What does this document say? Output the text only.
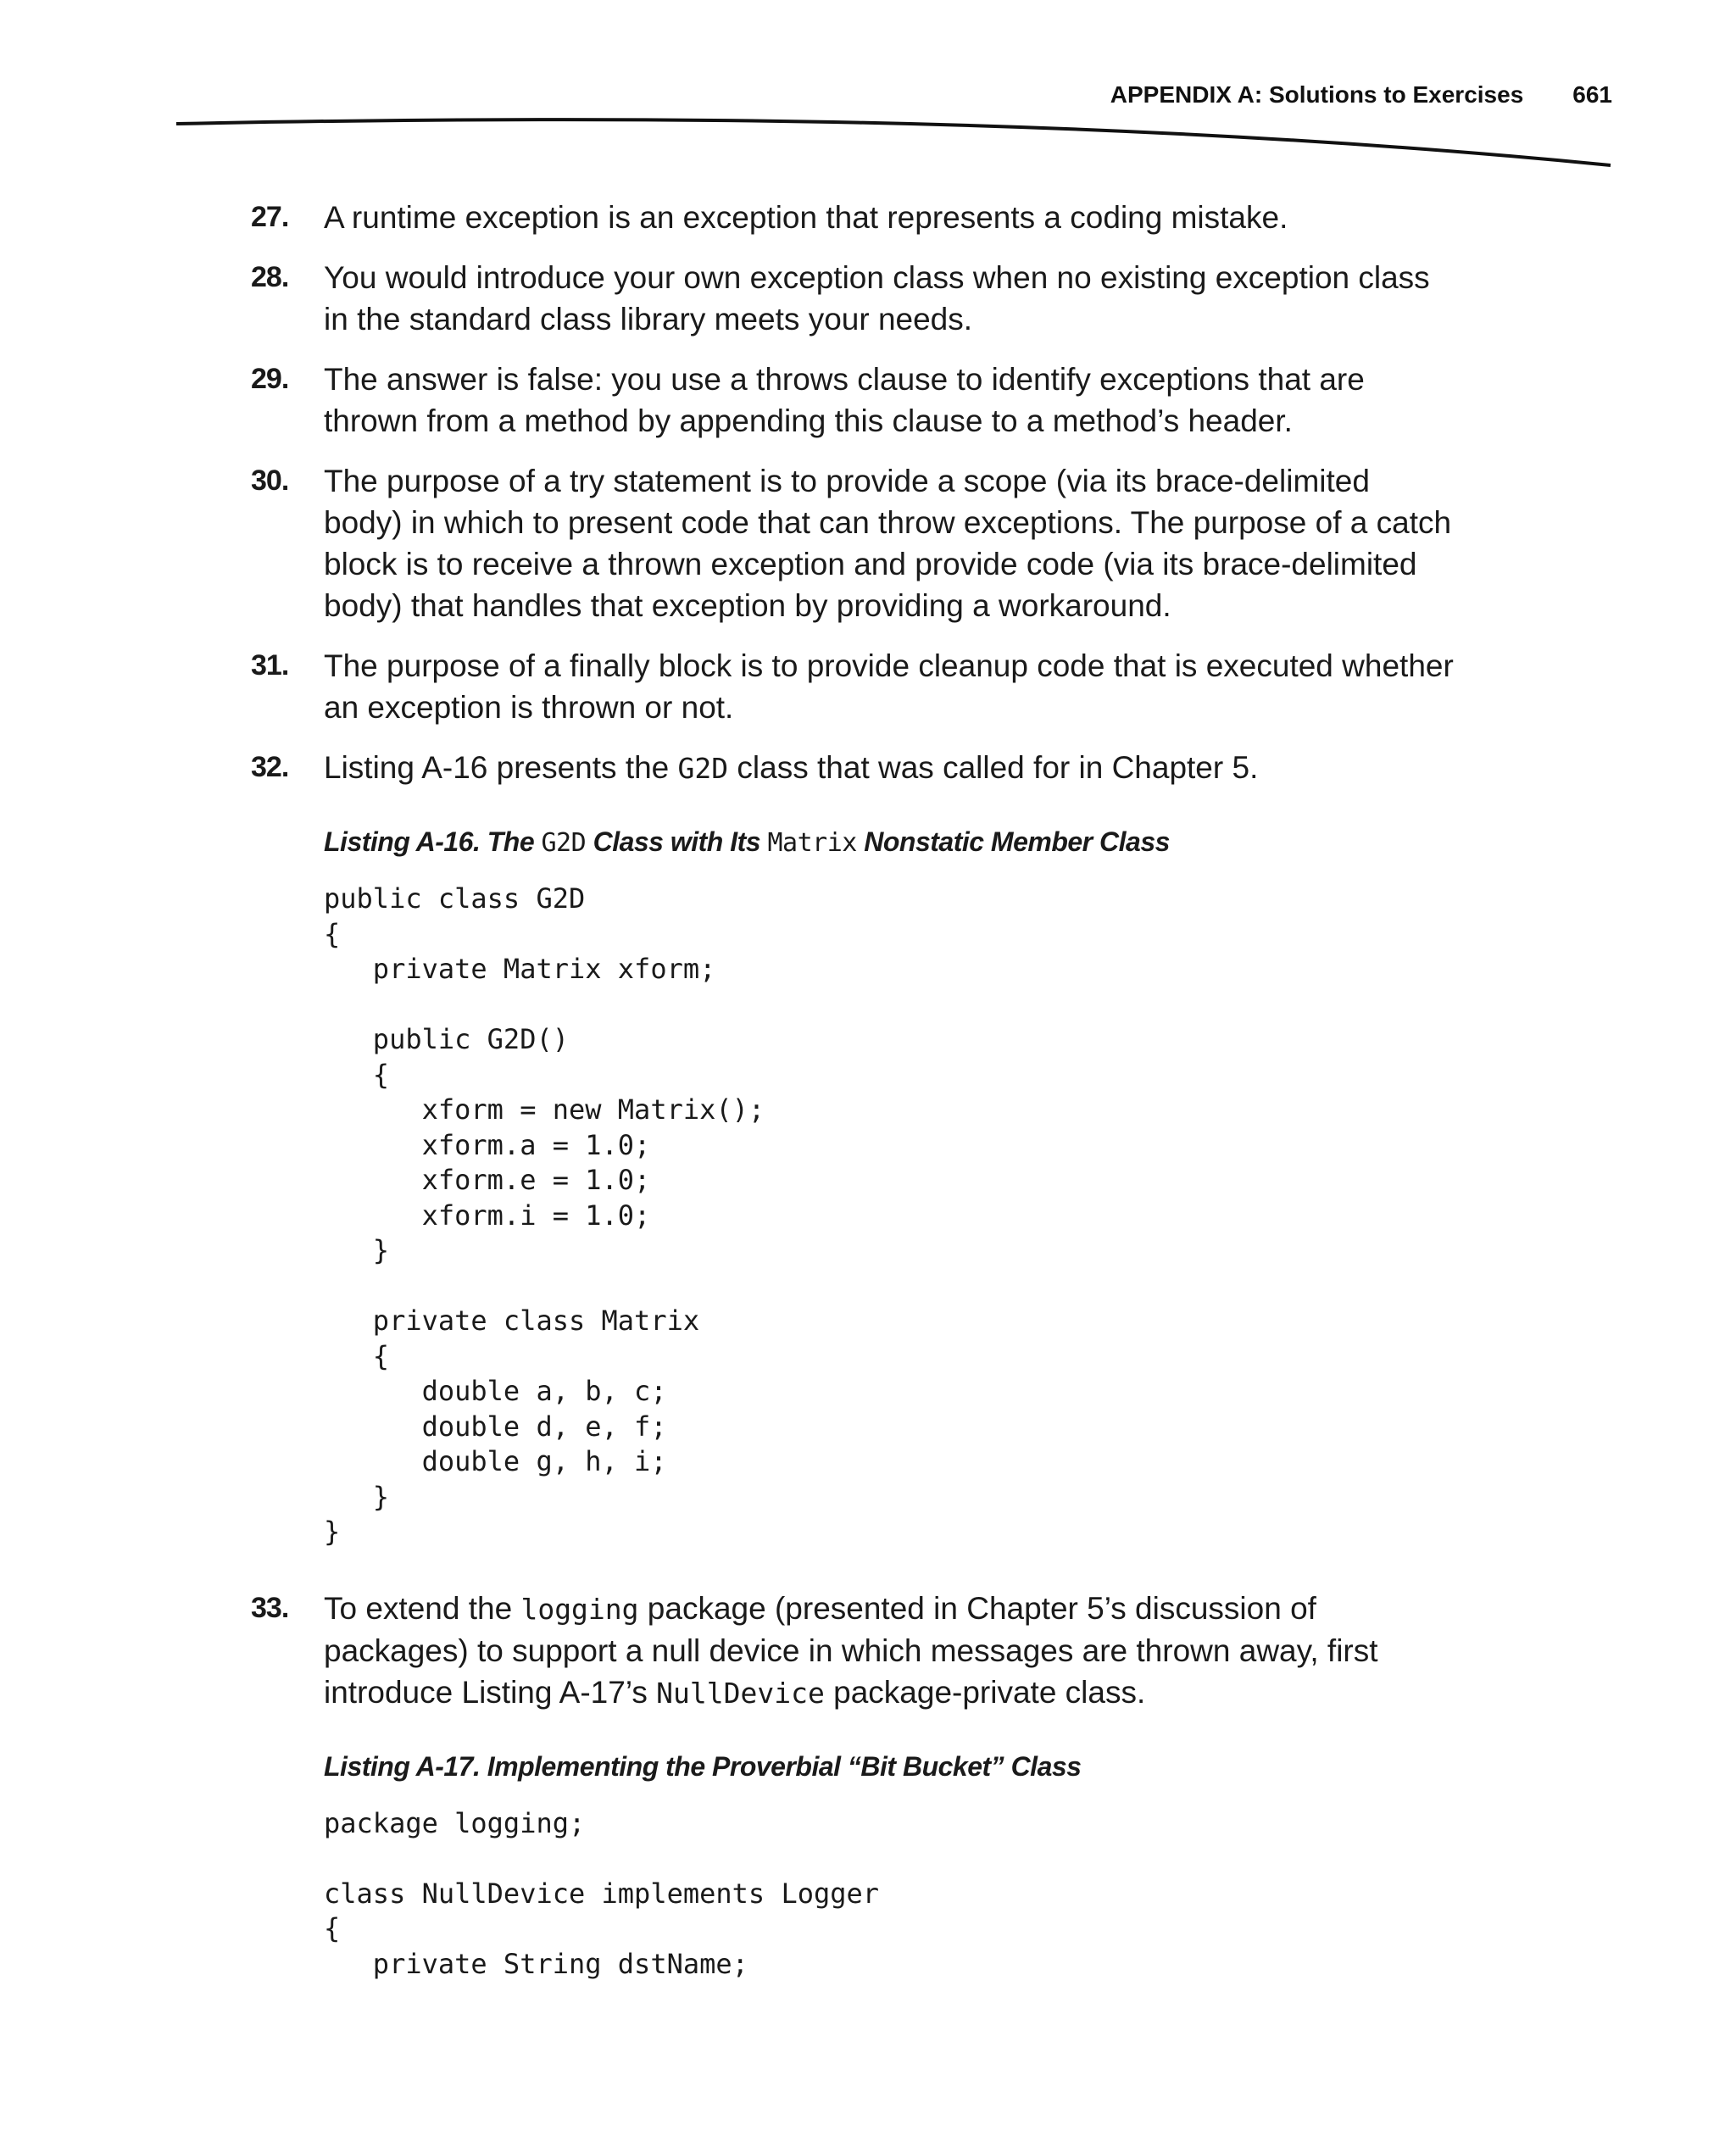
APPENDIX A: Solutions to Exercises 661
27. A runtime exception is an exception that represents a coding mistake.
28. You would introduce your own exception class when no existing exception class in the standard class library meets your needs.
29. The answer is false: you use a throws clause to identify exceptions that are thrown from a method by appending this clause to a method’s header.
30. The purpose of a try statement is to provide a scope (via its brace-delimited body) in which to present code that can throw exceptions. The purpose of a catch block is to receive a thrown exception and provide code (via its brace-delimited body) that handles that exception by providing a workaround.
31. The purpose of a finally block is to provide cleanup code that is executed whether an exception is thrown or not.
32. Listing A-16 presents the G2D class that was called for in Chapter 5.
Listing A-16. The G2D Class with Its Matrix Nonstatic Member Class
public class G2D
{
private Matrix xform;
public G2D()
{
xform = new Matrix();
xform.a = 1.0;
xform.e = 1.0;
xform.i = 1.0;
}
private class Matrix
{
double a, b, c;
double d, e, f;
double g, h, i;
}
}
33. To extend the logging package (presented in Chapter 5’s discussion of packages) to support a null device in which messages are thrown away, first introduce Listing A-17’s NullDevice package-private class.
Listing A-17. Implementing the Proverbial “Bit Bucket” Class
package logging;
class NullDevice implements Logger
{
private String dstName;
